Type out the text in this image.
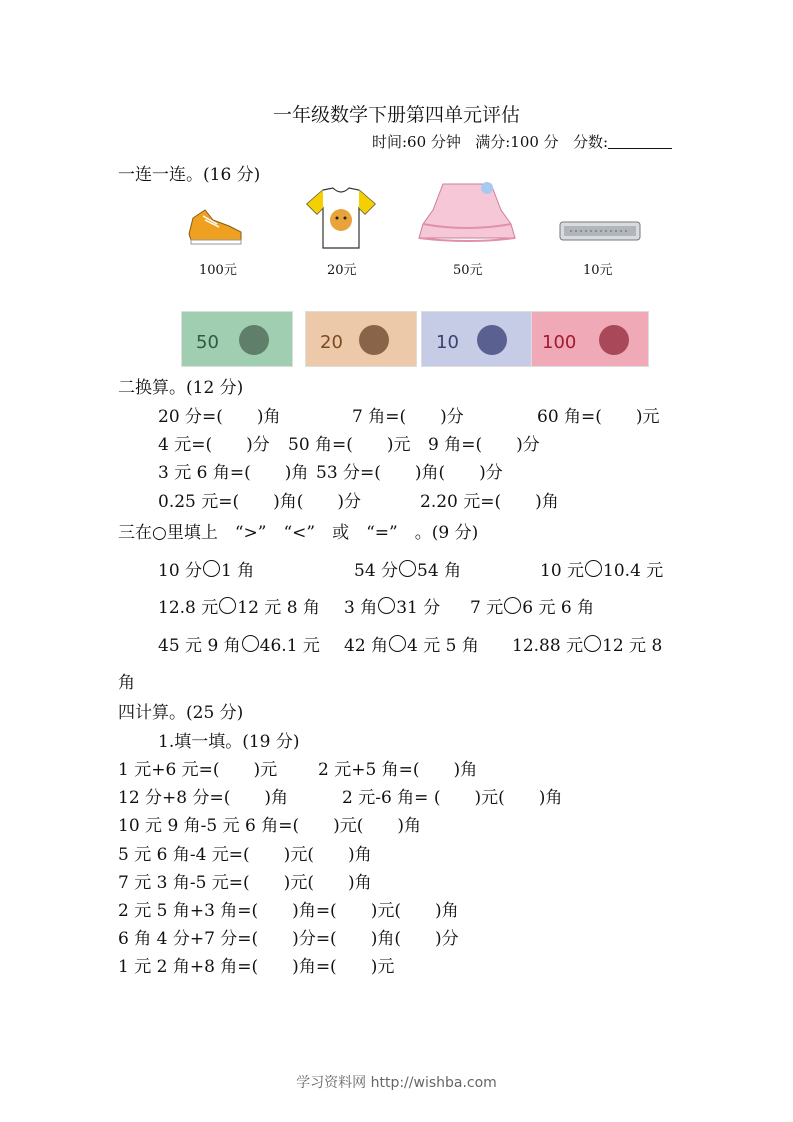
一年级数学下册第四单元评估
时间:60 分钟 满分:100 分 分数:
一连一连。(16 分)
100元	20元	50元	10元
50	20	10	100
二换算。(12 分)
20 分=(　　)角	7 角=(　　)分	60 角=(　　)元
4 元=(　　)分 50 角=(　　)元 9 角=(　　)分
3 元 6 角=(　　)角 53 分=(　　)角(　　)分
0.25 元=(　　)角(　　)分	2.20 元=(　　)角
三在○里填上　“>”　“<”　或　“=”　。(9 分)
10 分 1 角	54 分 54 角	10 元 10.4 元
12.8 元 12 元 8 角 3 角 31 分 7 元 6 元 6 角
45 元 9 角 46.1 元 42 角 4 元 5 角 12.88 元 12 元 8
角
四计算。(25 分)
1.填一填。(19 分)
1 元+6 元=(　　)元 2 元+5 角=(　　)角
12 分+8 分=(　　)角	2 元-6 角= (　　)元(　　)角
10 元 9 角-5 元 6 角=(　　)元(　　)角
5 元 6 角-4 元=(　　)元(　　)角
7 元 3 角-5 元=(　　)元(　　)角
2 元 5 角+3 角=(　　)角=(　　)元(　　)角
6 角 4 分+7 分=(　　)分=(　　)角(　　)分
1 元 2 角+8 角=(　　)角=(　　)元
学习资料网 http://wishba.com
